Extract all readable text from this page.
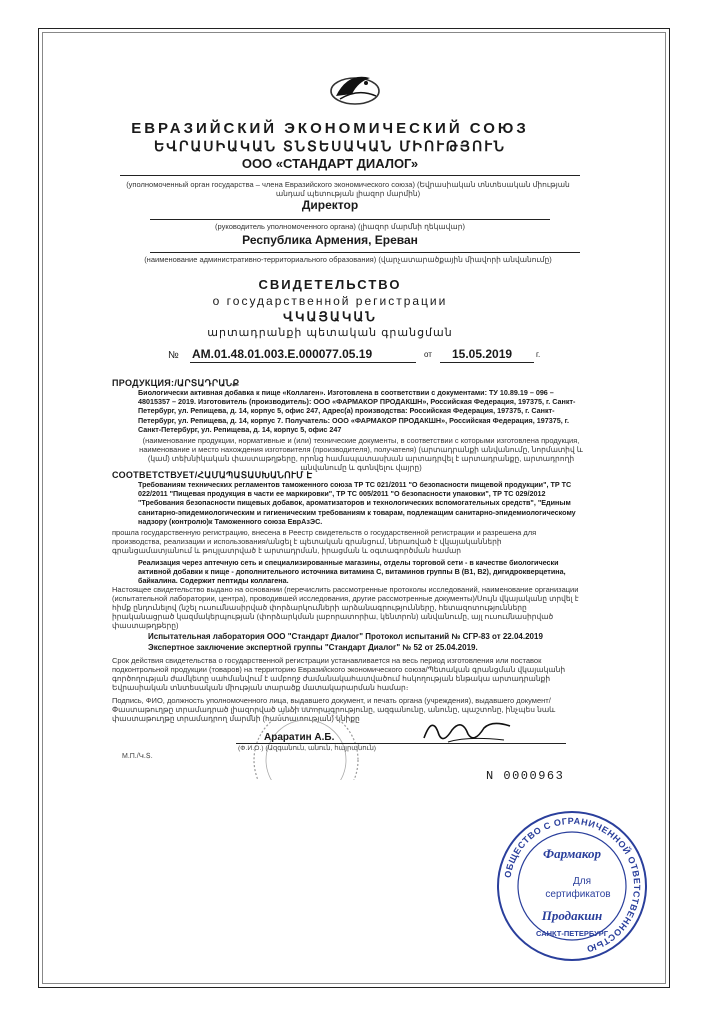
ЕВРАЗИЙСКИЙ ЭКОНОМИЧЕСКИЙ СОЮЗ
ԵՎՐԱՍԻԱԿԱՆ ՏՆՏԵՍԱԿԱՆ ՄԻՈՒԹՅՈՒՆ
ООО «СТАНДАРТ ДИАЛОГ»
(уполномоченный орган государства – члена Евразийского экономического союза) (Եվրասիական տնտեսական միության անդամ պետության լիազոր մարմին)
Директор
(руководитель уполномоченного органа) (լիազոր մարմնի ղեկավար)
Республика Армения, Ереван
(наименование административно-территориального образования) (վարչատարածքային միավորի անվանումը)
СВИДЕТЕЛЬСТВО
о государственной регистрации
ՎԿԱՅԱԿԱՆ
արտադրանքի պետական գրանցման
№ AM.01.48.01.003.E.000077.05.19	от 15.05.2019	г.
ПРОДУКЦИЯ:/ԱՐՏԱԴՐԱՆՔ
Биологически активная добавка к пище «Коллаген». Изготовлена в соответствии с документами: ТУ 10.89.19 – 096 – 48015357 – 2019. Изготовитель (производитель): ООО «ФАРМАКОР ПРОДАКШН», Российская Федерация, 197375, г. Санкт-Петербург, ул. Репищева, д. 14, корпус 5, офис 247, Адрес(а) производства: Российская Федерация, 197375, г. Санкт-Петербург, ул. Репищева, д. 14, корпус 7. Получатель: ООО «ФАРМАКОР ПРОДАКШН», Российская Федерация, 197375, г. Санкт-Петербург, ул. Репищева, д. 14, корпус 5, офис 247
(наименование продукции, нормативные и (или) технические документы, в соответствии с которыми изготовлена продукция, наименование и место нахождения изготовителя (производителя), получателя) (արտադրանքի անվանումը, նորմատիվ և (կամ) տեխնիկական փաստաթղթերը, որոնց համապատասխան արտադրվել է արտադրանքը, արտադրողի անվանումը և գտնվելու վայրը)
СООТВЕТСТВУЕТ/ՀԱՄԱՊԱՏԱՍԽԱՆՈՒՄ Է
Требованиям технических регламентов таможенного союза ТР ТС 021/2011 "О безопасности пищевой продукции", ТР ТС 022/2011 "Пищевая продукция в части ее маркировки", ТР ТС 005/2011 "О безопасности упаковки", ТР ТС 029/2012 "Требования безопасности пищевых добавок, ароматизаторов и технологических вспомогательных средств", "Единым санитарно-эпидемиологическим и гигиеническим требованиям к товарам, подлежащим санитарно-эпидемиологическому надзору (контролю)к Таможенного союза ЕврАзЭС.
прошла государственную регистрацию, внесена в Реестр свидетельств о государственной регистрации и разрешена для производства, реализации и использования/անցել է պետական գրանցում, ներառված է վկայականների գրանցամատյանում և թույլատրված է արտադրման, իրացման և օգտագործման համար
Реализация через аптечную сеть и специализированные магазины, отделы торговой сети - в качестве биологически активной добавки к пище - дополнительного источника витамина С, витаминов группы В (В1, В2), дигидрокверцетина, байкалина. Содержит пептиды коллагена.
Настоящее свидетельство выдано на основании (перечислить рассмотренные протоколы исследований, наименование организации (испытательной лаборатории, центра), проводившей исследования, другие рассмотренные документы)/Սույն վկայականը տրվել է հիմք ընդունելով (նշել ուսումնասիրված փորձարկումների արձանագրությունները, հետազոտությունները իրականացրած կազմակերպության (փորձարկման լաբորատորիա, կենտրոն) անվանումը, այլ ուսումնասիրված փաստաթղթերը)
Испытательная лаборатория ООО "Стандарт Диалог" Протокол испытаний № СГР-83 от 22.04.2019
Экспертное заключение экспертной группы "Стандарт Диалог" № 52 от 25.04.2019.
Срок действия свидетельства о государственной регистрации устанавливается на весь период изготовления или поставок подконтрольной продукции (товаров) на территорию Евразийского экономического союза/Պետական գրանցման վկայականի գործողության ժամկետը սահմանվում է ամբողջ ժամանակահատվածում հսկողության ենթակա արտադրանքի Եվրասիական տնտեսական միության տարածք մատակարարման համար։
Подпись, ФИО, должность уполномоченного лица, выдавшего документ, и печать органа (учреждения), выдавшего документ/Փաստաթուղթը տրամադրած լիազորված անձի ստորագրությունը, ազգանունը, անունը, պաշտոնը, ինչպես նաև փաստաթուղթը տրամադրող մարմնի (հաստատության) կնիքը
Араратин А.Б.
(Ф.И.О.) (Ազգանուն, անուն, հայրանուն)
М.П./Կ.Տ.
N 0000963
ОБЩЕСТВО С ОГРАНИЧЕННОЙ ОТВЕТСТВЕННОСТЬЮ
Фармакор
Для
сертификатов
Продакшн
САНКТ-ПЕТЕРБУРГ
